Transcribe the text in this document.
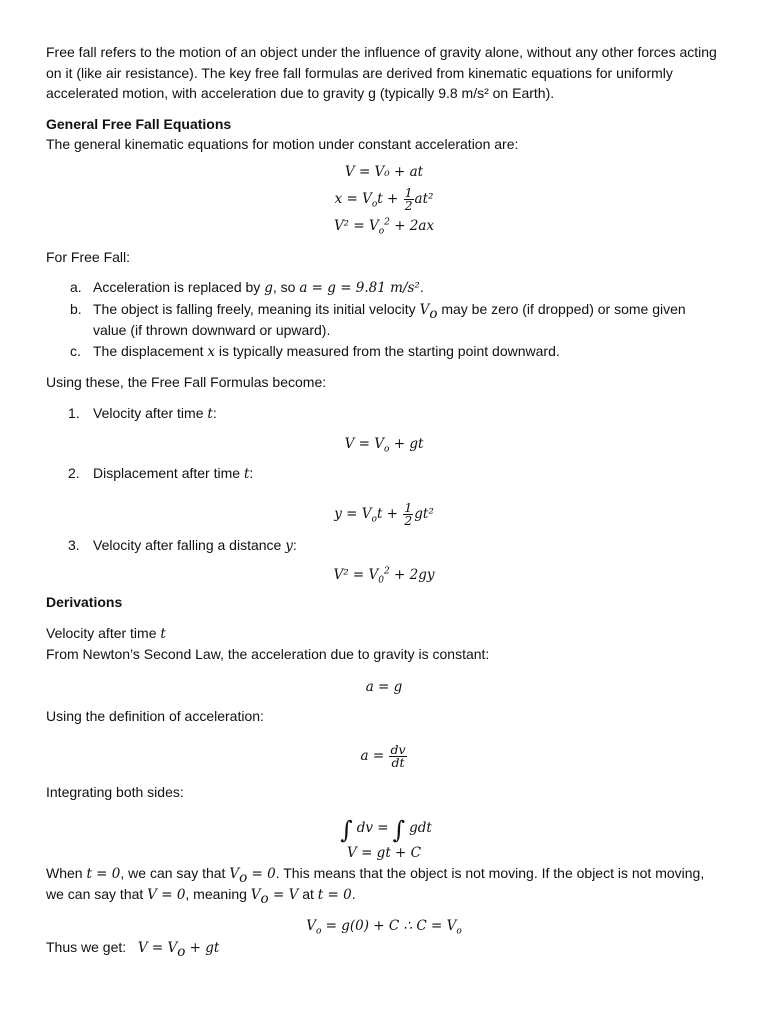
Free fall refers to the motion of an object under the influence of gravity alone, without any other forces acting on it (like air resistance). The key free fall formulas are derived from kinematic equations for uniformly accelerated motion, with acceleration due to gravity g (typically 9.8 m/s² on Earth).

General Free Fall Equations

The general kinematic equations for motion under constant acceleration are:

V = V₀ + at
$x = V_ot + \frac{1}{2} at^2$
$V^2 = V_o^2 + 2ax$

For Free Fall:

a. Acceleration is replaced by g, so a = g = 9.81 m/s².
b. The object is falling freely, meaning its initial velocity $V_o$ may be zero (if dropped) or some given value (if thrown downward or upward).
c. The displacement x is typically measured from the starting point downward.

Using these, the Free Fall Formulas become:

1. Velocity after time t:
$V = V_o$ + gt
2. Displacement after time t:
$y = V_ot + \frac{1}{2} gt^2$
3. Velocity after falling a distance y:
$V^2 = V_0^2 + 2gy$

Derivations

Velocity after time t

From Newton’s Second Law, the acceleration due to gravity is constant:

a = g

Using the definition of acceleration:

$a = \frac{dv}{dt}$

Integrating both sides:

∫ dv = ∫ gdt
V = gt + C

When t = 0, we can say that $V_o = 0$. This means that the object is not moving. If the object is not moving, we can say that V = 0, meaning $V_o = V$ at t = 0.

$V_o = g(0) + C$ ∴ $C = V_o$

Thus we get: $V = V_o$ + gt
